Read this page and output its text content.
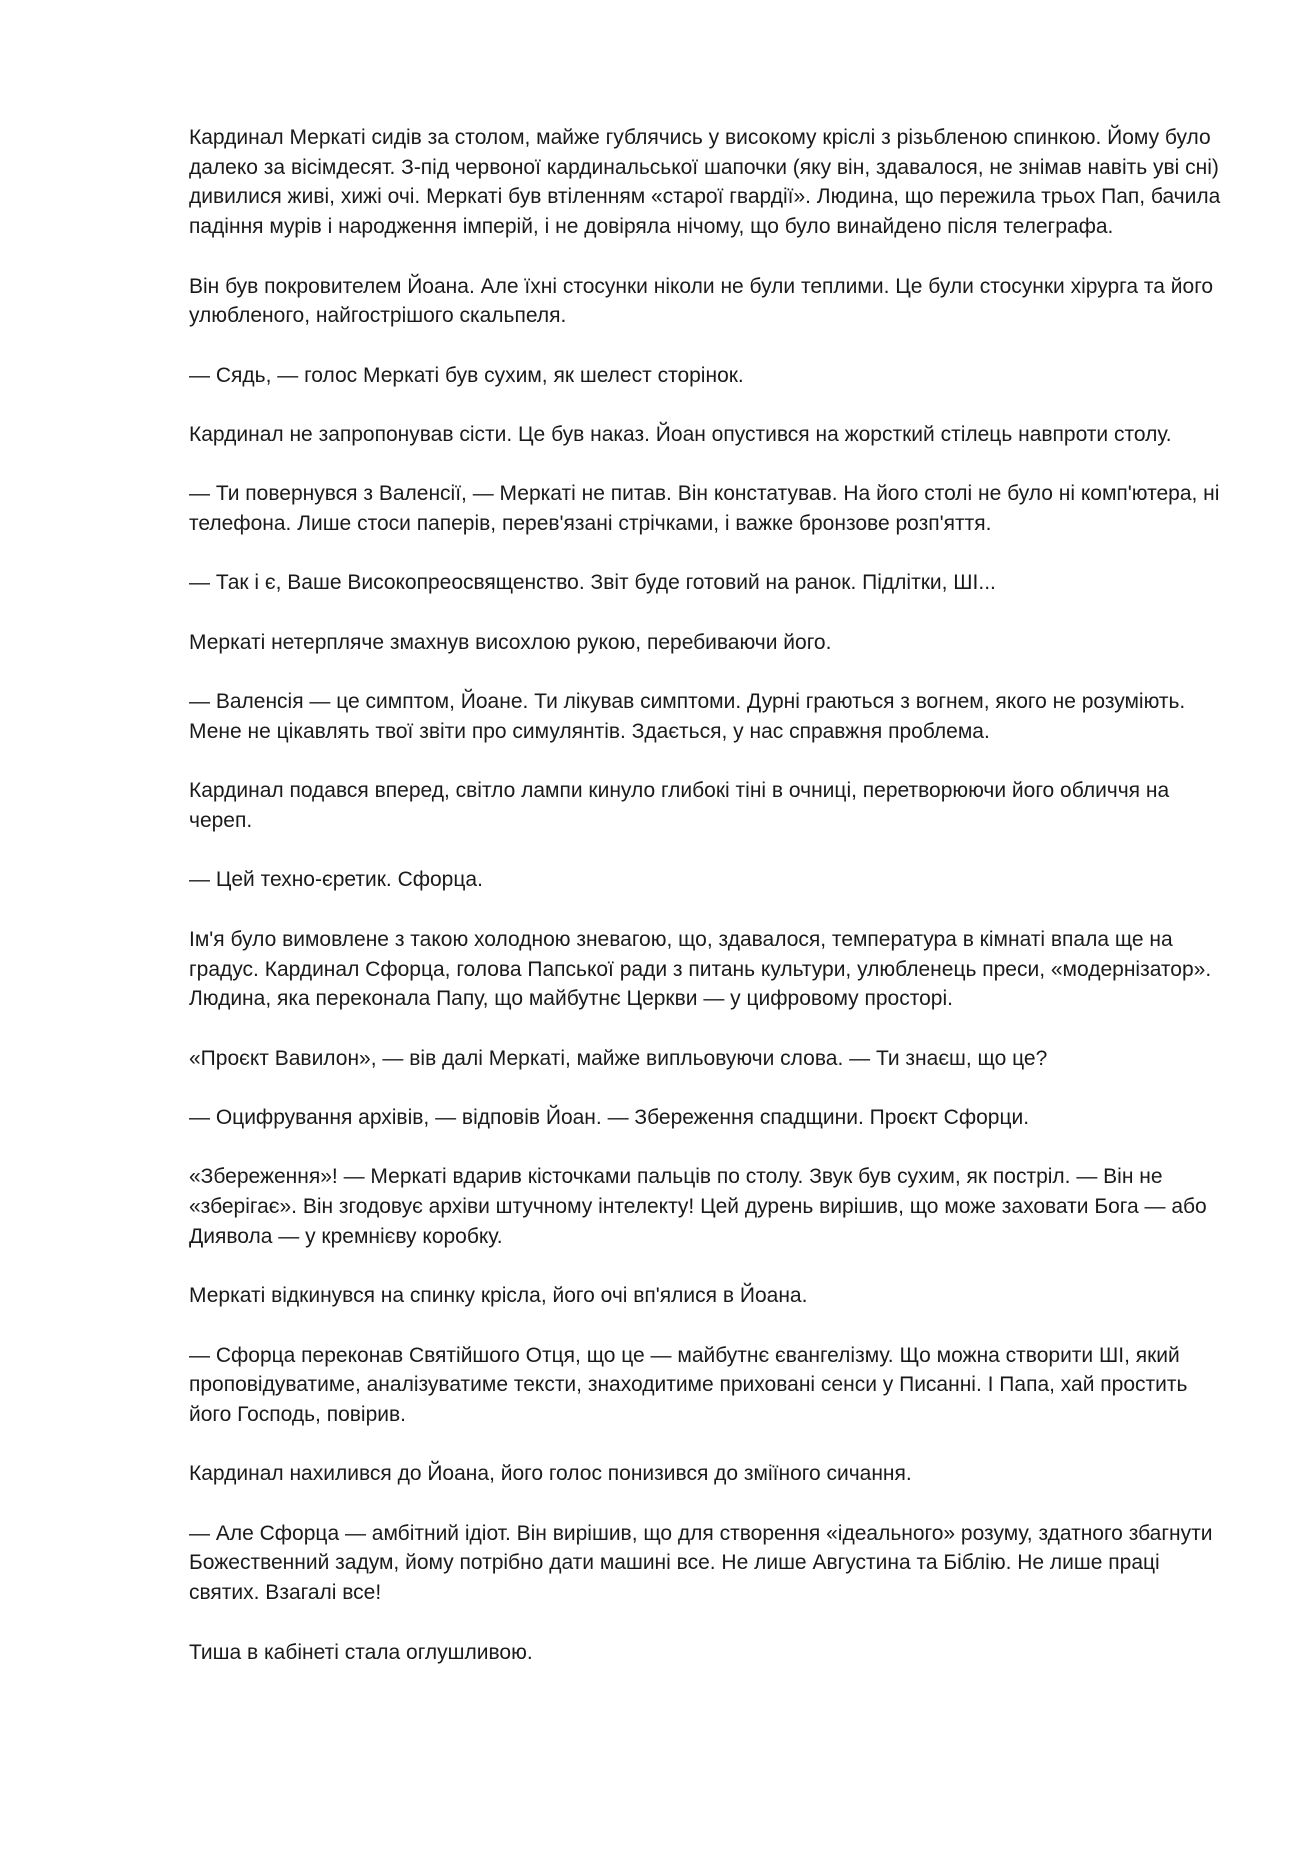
Кардинал Меркаті сидів за столом, майже гублячись у високому кріслі з різьбленою спинкою. Йому було далеко за вісімдесят. З-під червоної кардинальської шапочки (яку він, здавалося, не знімав навіть уві сні) дивилися живі, хижі очі. Меркаті був втіленням «старої гвардії». Людина, що пережила трьох Пап, бачила падіння мурів і народження імперій, і не довіряла нічому, що було винайдено після телеграфа.

Він був покровителем Йоана. Але їхні стосунки ніколи не були теплими. Це були стосунки хірурга та його улюбленого, найгострішого скальпеля.

— Сядь, — голос Меркаті був сухим, як шелест сторінок.

Кардинал не запропонував сісти. Це був наказ. Йоан опустився на жорсткий стілець навпроти столу.

— Ти повернувся з Валенсії, — Меркаті не питав. Він констатував. На його столі не було ні комп'ютера, ні телефона. Лише стоси паперів, перев'язані стрічками, і важке бронзове розп'яття.

— Так і є, Ваше Високопреосвященство. Звіт буде готовий на ранок. Підлітки, ШІ...

Меркаті нетерпляче змахнув висохлою рукою, перебиваючи його.

— Валенсія — це симптом, Йоане. Ти лікував симптоми. Дурні граються з вогнем, якого не розуміють. Мене не цікавлять твої звіти про симулянтів. Здається, у нас справжня проблема.

Кардинал подався вперед, світло лампи кинуло глибокі тіні в очниці, перетворюючи його обличчя на череп.

— Цей техно-єретик. Сфорца.

Ім'я було вимовлене з такою холодною зневагою, що, здавалося, температура в кімнаті впала ще на градус. Кардинал Сфорца, голова Папської ради з питань культури, улюбленець преси, «модернізатор». Людина, яка переконала Папу, що майбутнє Церкви — у цифровому просторі.

«Проєкт Вавилон», — вів далі Меркаті, майже випльовуючи слова. — Ти знаєш, що це?

— Оцифрування архівів, — відповів Йоан. — Збереження спадщини. Проєкт Сфорци.

«Збереження»! — Меркаті вдарив кісточками пальців по столу. Звук був сухим, як постріл. — Він не «зберігає». Він згодовує архіви штучному інтелекту! Цей дурень вирішив, що може заховати Бога — або Диявола — у кремнієву коробку.

Меркаті відкинувся на спинку крісла, його очі вп'ялися в Йоана.

— Сфорца переконав Святійшого Отця, що це — майбутнє євангелізму. Що можна створити ШІ, який проповідуватиме, аналізуватиме тексти, знаходитиме приховані сенси у Писанні. І Папа, хай простить його Господь, повірив.

Кардинал нахилився до Йоана, його голос понизився до зміїного сичання.

— Але Сфорца — амбітний ідіот. Він вирішив, що для створення «ідеального» розуму, здатного збагнути Божественний задум, йому потрібно дати машині все. Не лише Августина та Біблію. Не лише праці святих. Взагалі все!

Тиша в кабінеті стала оглушливою.
